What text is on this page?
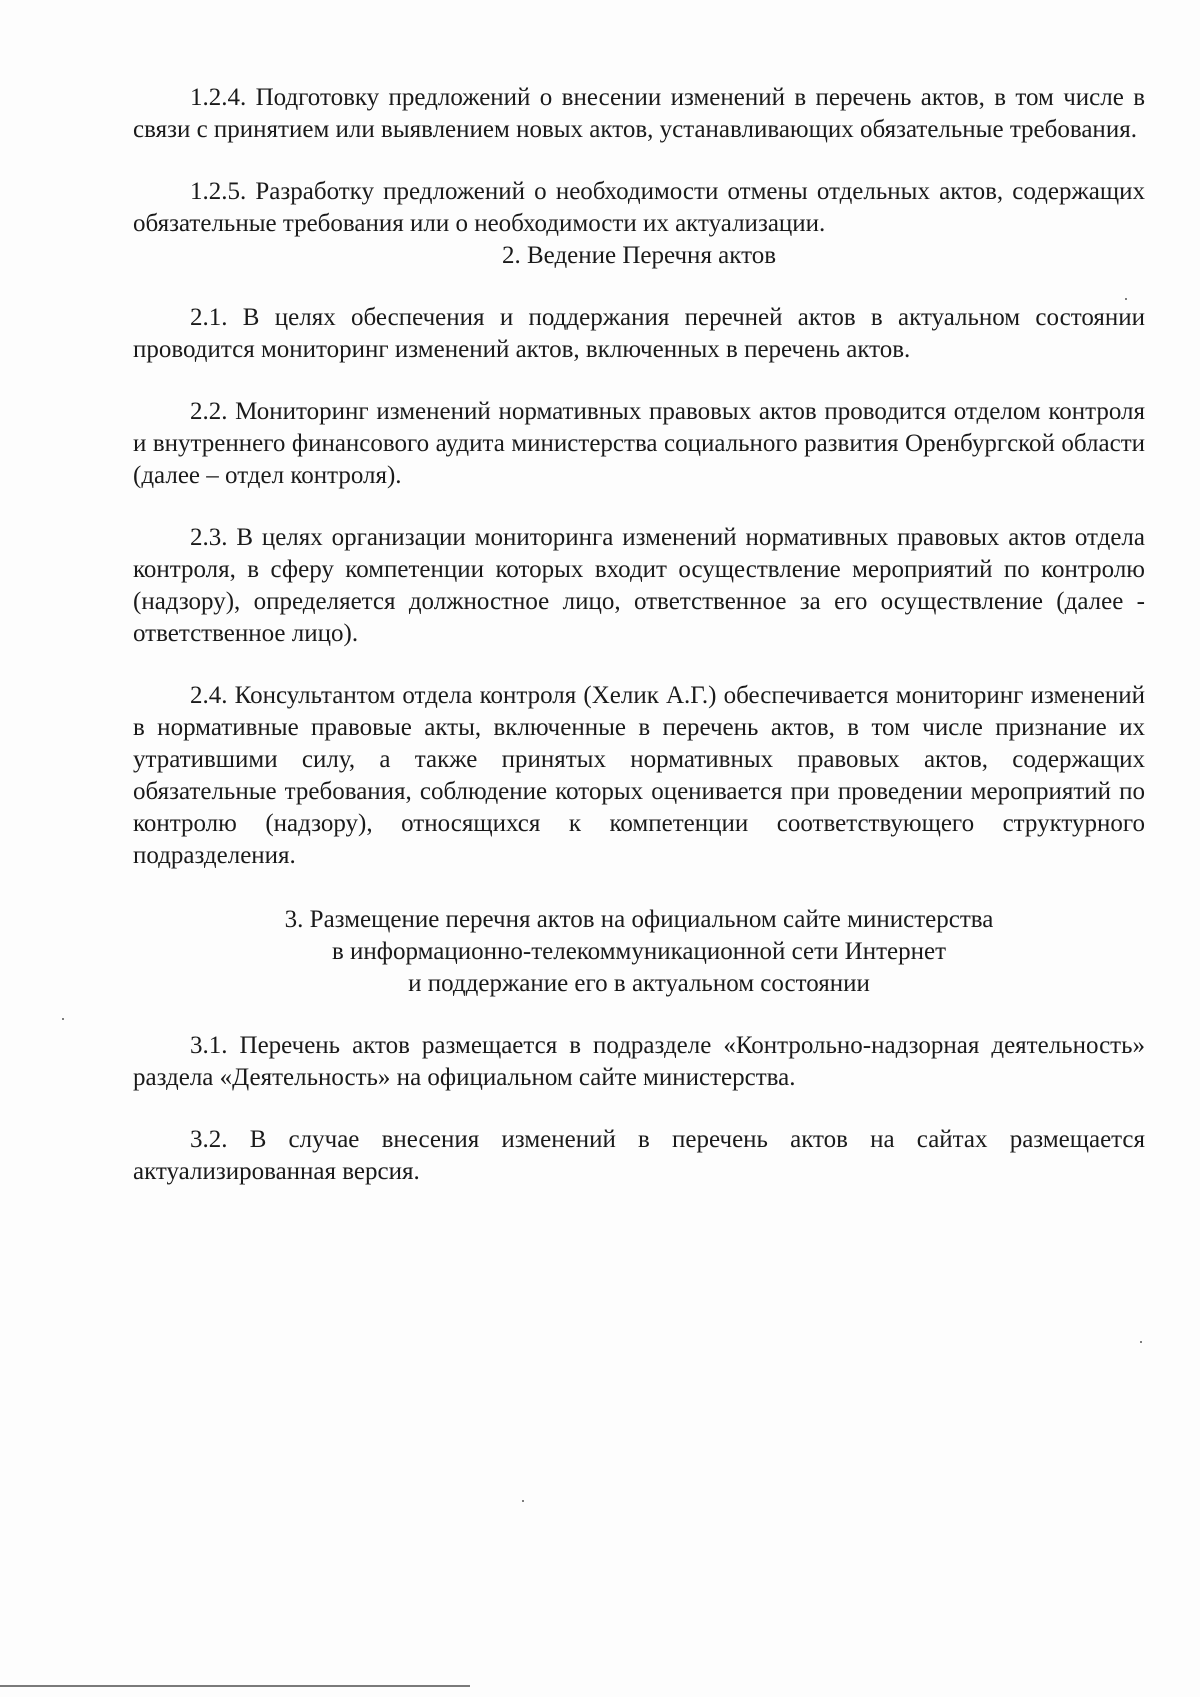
1.2.4. Подготовку предложений о внесении изменений в перечень актов, в том числе в связи с принятием или выявлением новых актов, устанавливающих обязательные требования.

1.2.5. Разработку предложений о необходимости отмены отдельных актов, содержащих обязательные требования или о необходимости их актуализации.

2. Ведение Перечня актов

2.1. В целях обеспечения и поддержания перечней актов в актуальном состоянии проводится мониторинг изменений актов, включенных в перечень актов.

2.2. Мониторинг изменений нормативных правовых актов проводится отделом контроля и внутреннего финансового аудита министерства социального развития Оренбургской области (далее – отдел контроля).

2.3. В целях организации мониторинга изменений нормативных правовых актов отдела контроля, в сферу компетенции которых входит осуществление мероприятий по контролю (надзору), определяется должностное лицо, ответственное за его осуществление (далее - ответственное лицо).

2.4. Консультантом отдела контроля (Хелик А.Г.) обеспечивается мониторинг изменений в нормативные правовые акты, включенные в перечень актов, в том числе признание их утратившими силу, а также принятых нормативных правовых актов, содержащих обязательные требования, соблюдение которых оценивается при проведении мероприятий по контролю (надзору), относящихся к компетенции соответствующего структурного подразделения.

3. Размещение перечня актов на официальном сайте министерства
в информационно-телекоммуникационной сети Интернет
и поддержание его в актуальном состоянии

3.1. Перечень актов размещается в подразделе «Контрольно-надзорная деятельность» раздела «Деятельность» на официальном сайте министерства.

3.2. В случае внесения изменений в перечень актов на сайтах размещается актуализированная версия.
